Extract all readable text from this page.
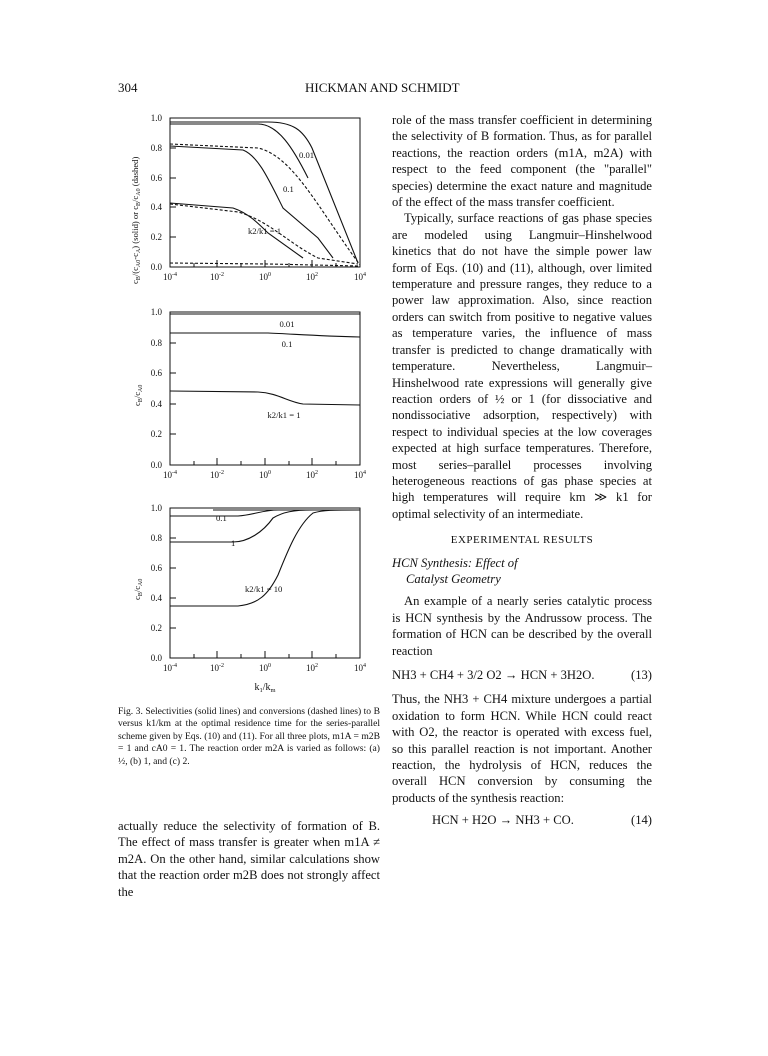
304	HICKMAN AND SCHMIDT
$c_B/(c_{A0}-c_A)$ (solid) or $c_B/c_{A0}$ (dashed)
1.0
0.8
0.6
0.4
0.2
0.0
$10^{-4}$	$10^{-2}$	$10^0$	$10^2$	$10^4$
0.01
0.1
k2/k1 = 1
$c_B/c_{A0}$
1.0
0.8
0.6
0.4
0.2
0.0
$10^{-4}$	$10^{-2}$	$10^0$	$10^2$	$10^4$
0.01
0.1
k2/k1 = 1
$c_B/c_{A0}$
1.0
0.8
0.6
0.4
0.2
0.0
$10^{-4}$	$10^{-2}$	$10^0$	$10^2$	$10^4$
$k_1/k_m$
0.1
1
k2/k1 = 10
Fig. 3. Selectivities (solid lines) and conversions (dashed lines) to B versus k1/km at the optimal residence time for the series-parallel scheme given by Eqs. (10) and (11). For all three plots, m1A = m2B = 1 and cA0 = 1. The reaction order m2A is varied as follows: (a) ½, (b) 1, and (c) 2.
actually reduce the selectivity of formation of B. The effect of mass transfer is greater when m1A ≠ m2A. On the other hand, similar calculations show that the reaction order m2B does not strongly affect the

role of the mass transfer coefficient in determining the selectivity of B formation. Thus, as for parallel reactions, the reaction orders (m1A, m2A) with respect to the feed component (the "parallel" species) determine the exact nature and magnitude of the effect of the mass transfer coefficient.

Typically, surface reactions of gas phase species are modeled using Langmuir–Hinshelwood kinetics that do not have the simple power law form of Eqs. (10) and (11), although, over limited temperature and pressure ranges, they reduce to a power law approximation. Also, since reaction orders can switch from positive to negative values as temperature varies, the influence of mass transfer is predicted to change dramatically with temperature. Nevertheless, Langmuir–Hinshelwood rate expressions will generally give reaction orders of ½ or 1 (for dissociative and nondissociative adsorption, respectively) with respect to individual species at the low coverages expected at high surface temperatures. Therefore, most series–parallel processes involving heterogeneous reactions of gas phase species at high temperatures will require km ≫ k1 for optimal selectivity of an intermediate.

EXPERIMENTAL RESULTS
HCN Synthesis: Effect of
Catalyst Geometry

An example of a nearly series catalytic process is HCN synthesis by the Andrussow process. The formation of HCN can be described by the overall reaction

NH3 + CH4 + 3/2 O2 → HCN + 3H2O.	(13)

Thus, the NH3 + CH4 mixture undergoes a partial oxidation to form HCN. While HCN could react with O2, the reactor is operated with excess fuel, so this parallel reaction is not important. Another reaction, the hydrolysis of HCN, reduces the overall HCN conversion by consuming the products of the synthesis reaction:

HCN + H2O → NH3 + CO.	(14)
